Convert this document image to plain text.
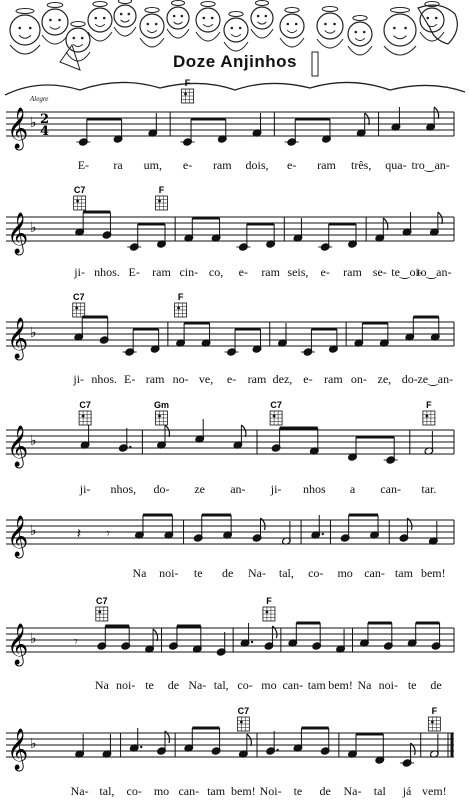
Doze Anjinhos
Alegre
𝄞 ♭ 2
4
F
𝄞 ♭
C7	F
𝄞 ♭
C7	F
𝄞 ♭
C7	Gm	C7	F
𝄞 ♭	𝄽 𝄾
𝄞 ♭	𝄾
C7	F
𝄞 ♭
C7	F
E- ra um, e- ram dois, e- ram três, qua- tro‿an-
ji- nhos. E- ram cin- co, e- ram seis, e- ram se- te‿oi-
to‿an-
ji- nhos. E- ram no- ve, e- ram dez, e- ram on- ze, do- ze‿an-
ji- nhos, do- ze an- ji- nhos a can- tar.
Na noi- te de Na- tal, co- mo can- tam bem!
Na noi- te de Na- tal, co- mo can- tam bem! Na noi- te de
Na- tal, co- mo can- tam bem! Noi- te de Na- tal já vem!
